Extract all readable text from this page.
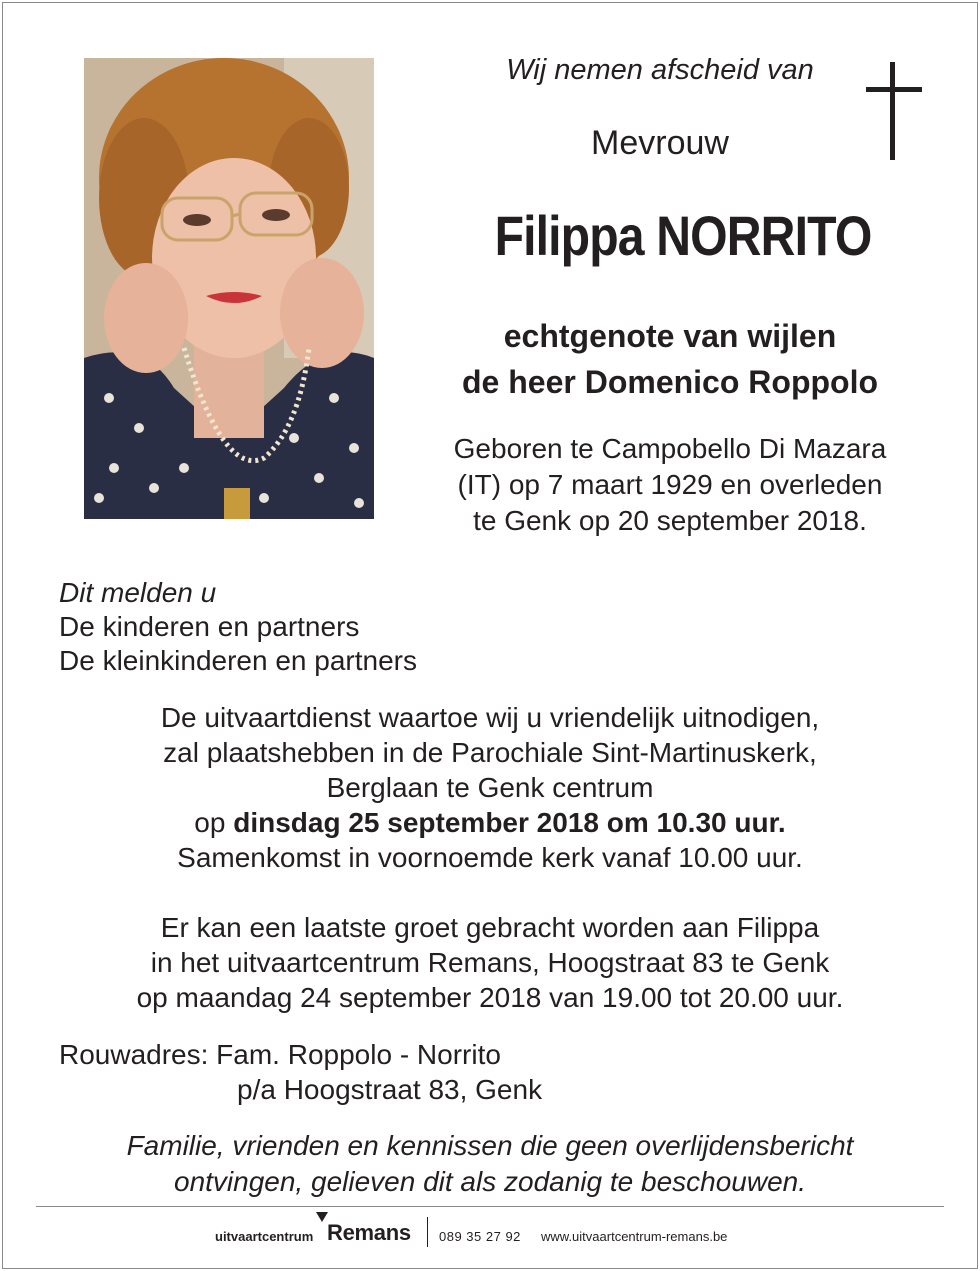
Wij nemen afscheid van
Mevrouw
Filippa NORRITO
echtgenote van wijlen
de heer Domenico Roppolo
Geboren te Campobello Di Mazara
(IT) op 7 maart 1929 en overleden
te Genk op 20 september 2018.
Dit melden u
De kinderen en partners
De kleinkinderen en partners
De uitvaartdienst waartoe wij u vriendelijk uitnodigen,
zal plaatshebben in de Parochiale Sint-Martinuskerk,
Berglaan te Genk centrum
op dinsdag 25 september 2018 om 10.30 uur.
Samenkomst in voornoemde kerk vanaf 10.00 uur.
Er kan een laatste groet gebracht worden aan Filippa
in het uitvaartcentrum Remans, Hoogstraat 83 te Genk
op maandag 24 september 2018 van 19.00 tot 20.00 uur.
Rouwadres: Fam. Roppolo - Norrito
p/a Hoogstraat 83, Genk
Familie, vrienden en kennissen die geen overlijdensbericht
ontvingen, gelieven dit als zodanig te beschouwen.
uitvaartcentrum Remans 089 35 27 92 www.uitvaartcentrum-remans.be
